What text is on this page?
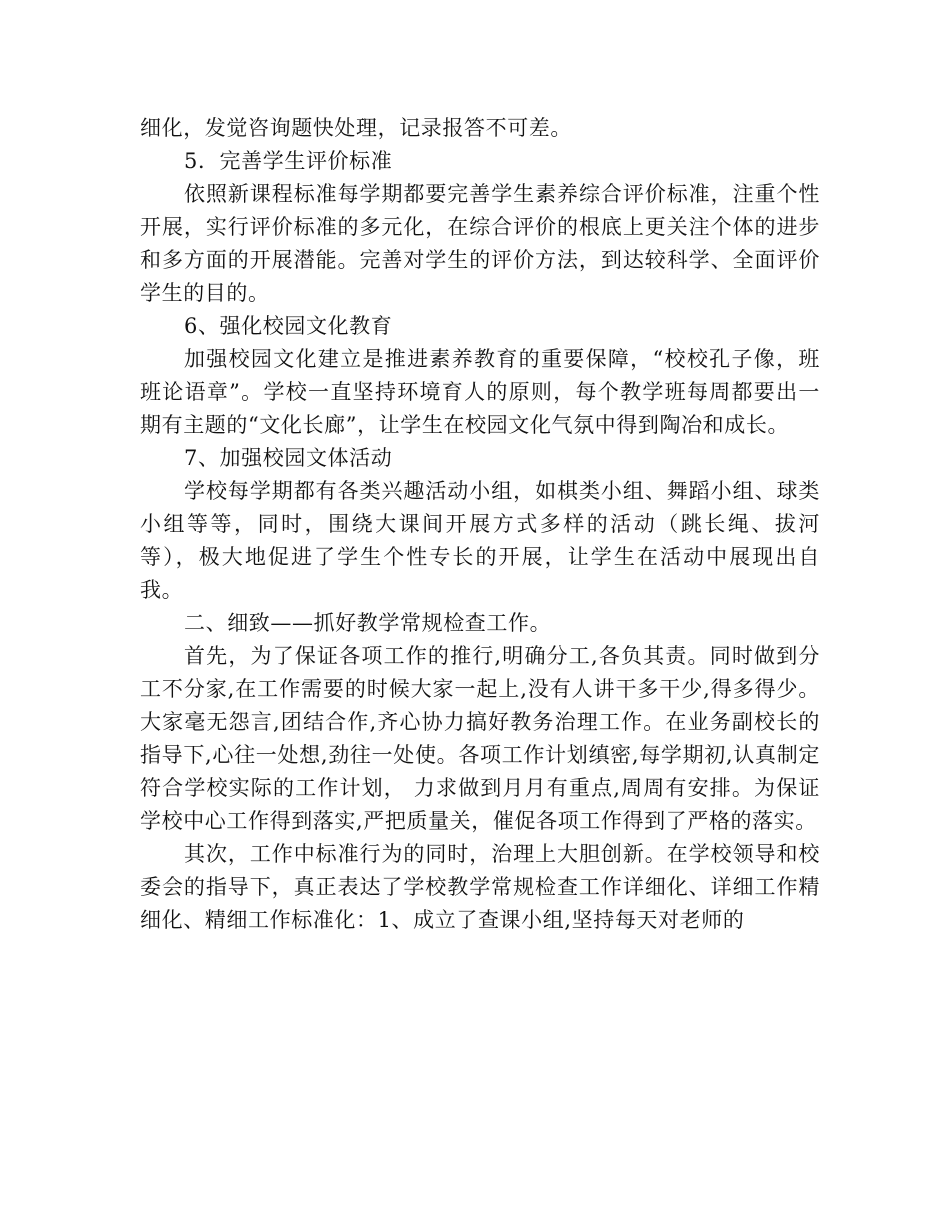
细化，发觉咨询题快处理，记录报答不可差。

5．完善学生评价标准

依照新课程标准每学期都要完善学生素养综合评价标准，注重个性开展，实行评价标准的多元化，在综合评价的根底上更关注个体的进步和多方面的开展潜能。完善对学生的评价方法，到达较科学、全面评价学生的目的。

6、强化校园文化教育

加强校园文化建立是推进素养教育的重要保障，“校校孔子像，班班论语章”。学校一直坚持环境育人的原则，每个教学班每周都要出一期有主题的“文化长廊”，让学生在校园文化气氛中得到陶冶和成长。

7、加强校园文体活动

学校每学期都有各类兴趣活动小组，如棋类小组、舞蹈小组、球类小组等等，同时，围绕大课间开展方式多样的活动（跳长绳、拔河等），极大地促进了学生个性专长的开展，让学生在活动中展现出自我。

二、细致——抓好教学常规检查工作。

首先，为了保证各项工作的推行,明确分工,各负其责。同时做到分工不分家,在工作需要的时候大家一起上,没有人讲干多干少,得多得少。大家毫无怨言,团结合作,齐心协力搞好教务治理工作。在业务副校长的指导下,心往一处想,劲往一处使。各项工作计划缜密,每学期初,认真制定符合学校实际的工作计划， 力求做到月月有重点,周周有安排。为保证学校中心工作得到落实,严把质量关，催促各项工作得到了严格的落实。

其次，工作中标准行为的同时，治理上大胆创新。在学校领导和校委会的指导下，真正表达了学校教学常规检查工作详细化、详细工作精细化、精细工作标准化：1、成立了查课小组,坚持每天对老师的
